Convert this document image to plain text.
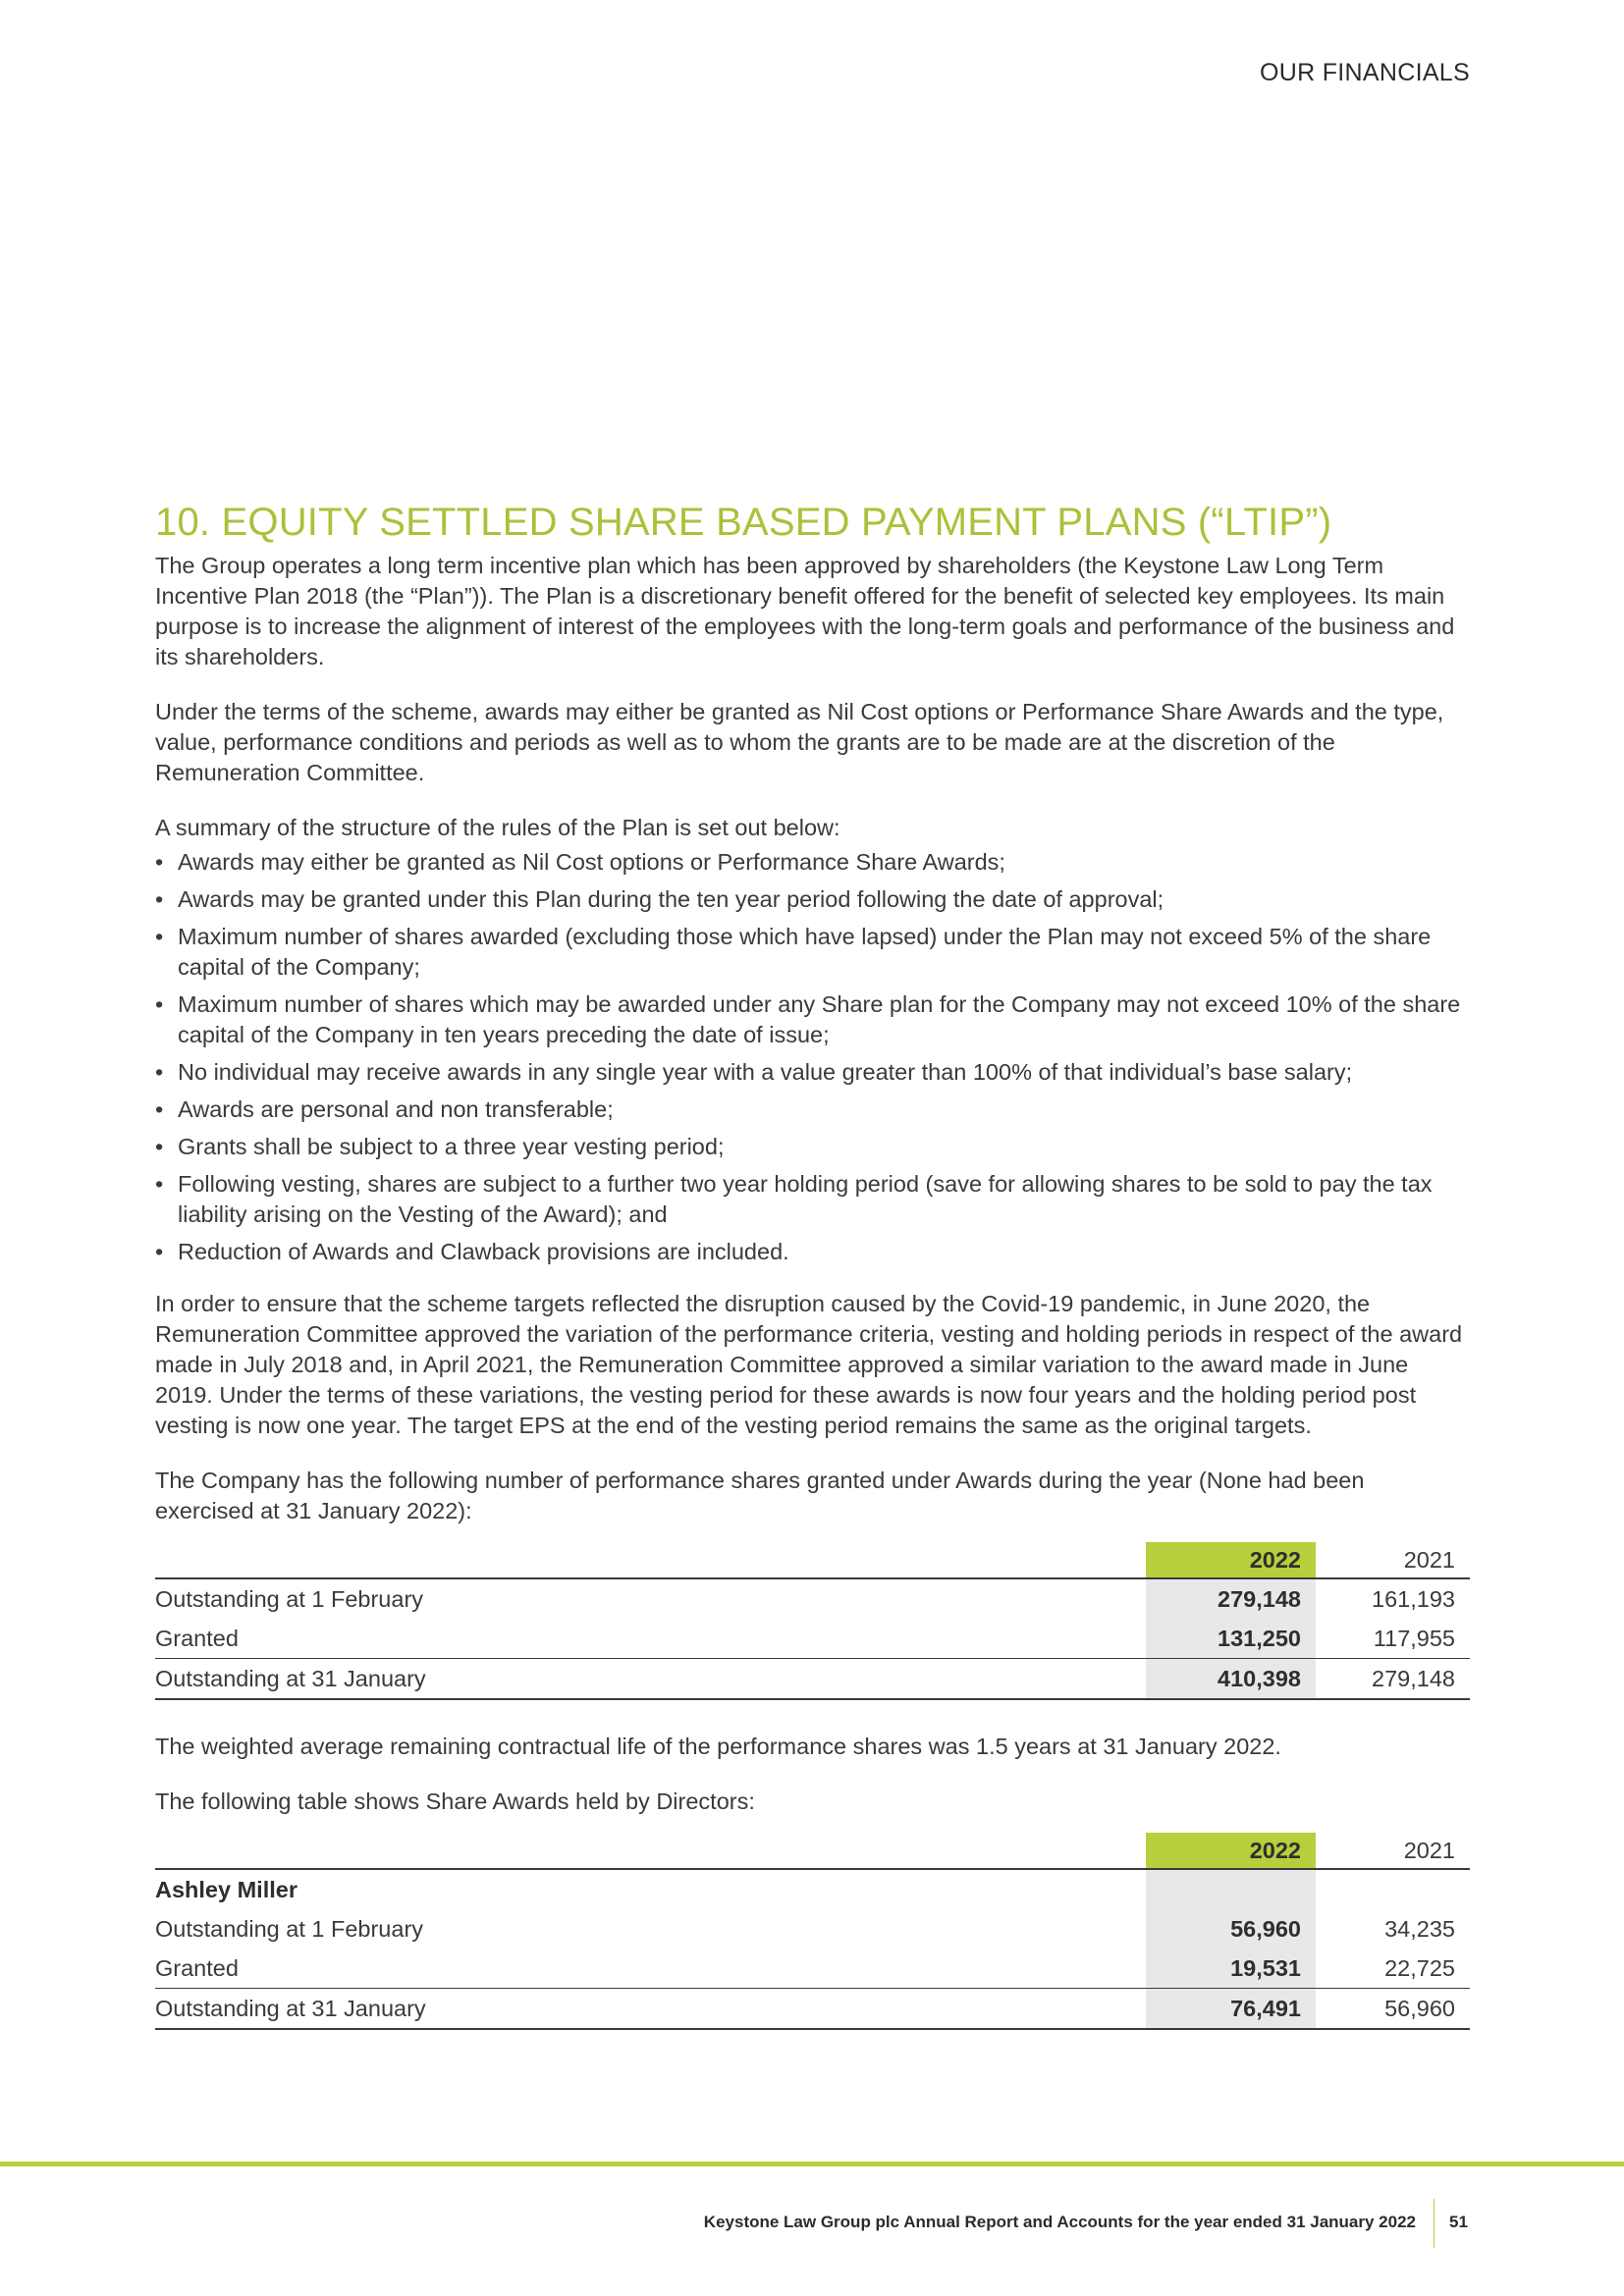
OUR FINANCIALS
10. EQUITY SETTLED SHARE BASED PAYMENT PLANS (“LTIP”)

The Group operates a long term incentive plan which has been approved by shareholders (the Keystone Law Long Term Incentive Plan 2018 (the “Plan”)). The Plan is a discretionary benefit offered for the benefit of selected key employees. Its main purpose is to increase the alignment of interest of the employees with the long-term goals and performance of the business and its shareholders.

Under the terms of the scheme, awards may either be granted as Nil Cost options or Performance Share Awards and the type, value, performance conditions and periods as well as to whom the grants are to be made are at the discretion of the Remuneration Committee.

A summary of the structure of the rules of the Plan is set out below:

• Awards may either be granted as Nil Cost options or Performance Share Awards;
• Awards may be granted under this Plan during the ten year period following the date of approval;
• Maximum number of shares awarded (excluding those which have lapsed) under the Plan may not exceed 5% of the share capital of the Company;
• Maximum number of shares which may be awarded under any Share plan for the Company may not exceed 10% of the share capital of the Company in ten years preceding the date of issue;
• No individual may receive awards in any single year with a value greater than 100% of that individual’s base salary;
• Awards are personal and non transferable;
• Grants shall be subject to a three year vesting period;
• Following vesting, shares are subject to a further two year holding period (save for allowing shares to be sold to pay the tax liability arising on the Vesting of the Award); and
• Reduction of Awards and Clawback provisions are included.

In order to ensure that the scheme targets reflected the disruption caused by the Covid-19 pandemic, in June 2020, the Remuneration Committee approved the variation of the performance criteria, vesting and holding periods in respect of the award made in July 2018 and, in April 2021, the Remuneration Committee approved a similar variation to the award made in June 2019. Under the terms of these variations, the vesting period for these awards is now four years and the holding period post vesting is now one year. The target EPS at the end of the vesting period remains the same as the original targets.

The Company has the following number of performance shares granted under Awards during the year (None had been exercised at 31 January 2022):

	2022	2021
Outstanding at 1 February	279,148	161,193
Granted	131,250	117,955
Outstanding at 31 January	410,398	279,148

The weighted average remaining contractual life of the performance shares was 1.5 years at 31 January 2022.

The following table shows Share Awards held by Directors:

	2022	2021
Ashley Miller		
Outstanding at 1 February	56,960	34,235
Granted	19,531	22,725
Outstanding at 31 January	76,491	56,960
Keystone Law Group plc Annual Report and Accounts for the year ended 31 January 2022 51
